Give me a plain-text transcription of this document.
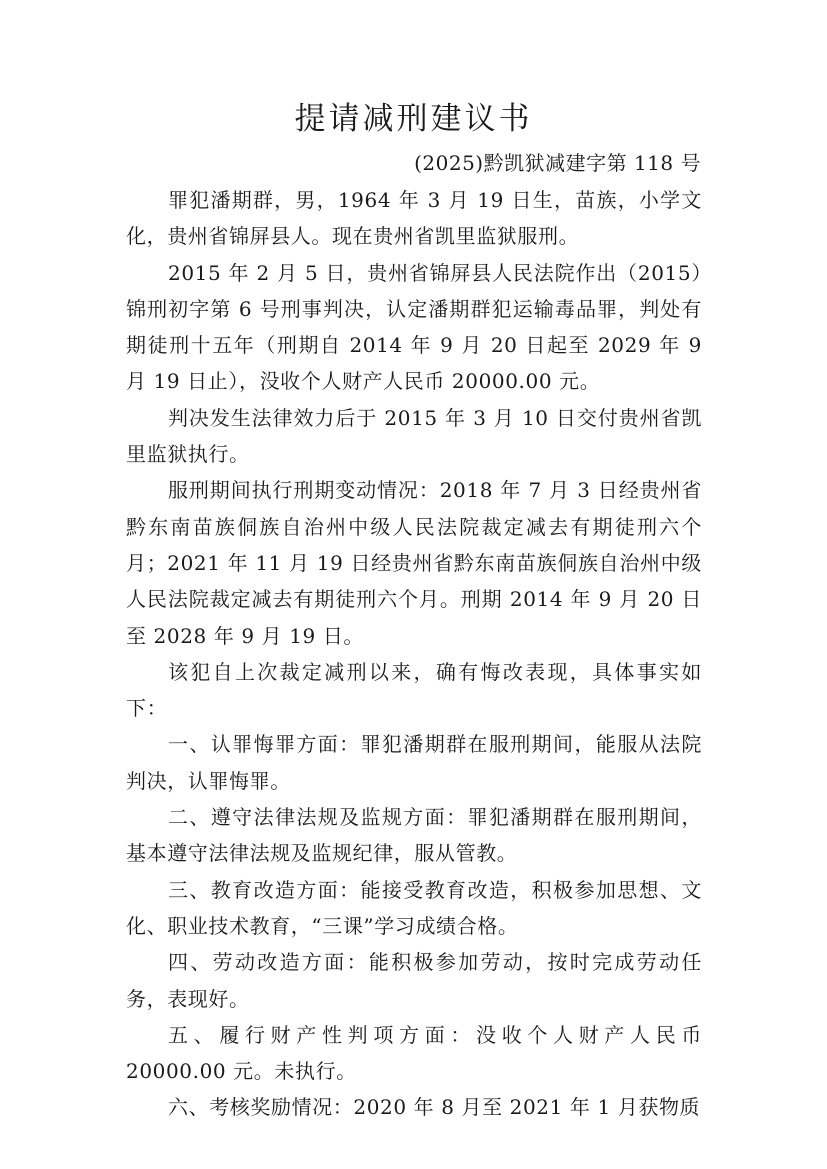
提请减刑建议书
(2025)黔凯狱减建字第 118 号

罪犯潘期群，男，1964 年 3 月 19 日生，苗族，小学文化，贵州省锦屏县人。现在贵州省凯里监狱服刑。

2015 年 2 月 5 日，贵州省锦屏县人民法院作出（2015）锦刑初字第 6 号刑事判决，认定潘期群犯运输毒品罪，判处有期徒刑十五年（刑期自 2014 年 9 月 20 日起至 2029 年 9 月 19 日止），没收个人财产人民币 20000.00 元。

判决发生法律效力后于 2015 年 3 月 10 日交付贵州省凯里监狱执行。

服刑期间执行刑期变动情况：2018 年 7 月 3 日经贵州省黔东南苗族侗族自治州中级人民法院裁定减去有期徒刑六个月；2021 年 11 月 19 日经贵州省黔东南苗族侗族自治州中级人民法院裁定减去有期徒刑六个月。刑期 2014 年 9 月 20 日至 2028 年 9 月 19 日。

该犯自上次裁定减刑以来，确有悔改表现，具体事实如下：

一、认罪悔罪方面：罪犯潘期群在服刑期间，能服从法院判决，认罪悔罪。

二、遵守法律法规及监规方面：罪犯潘期群在服刑期间，基本遵守法律法规及监规纪律，服从管教。

三、教育改造方面：能接受教育改造，积极参加思想、文化、职业技术教育，“三课”学习成绩合格。

四、劳动改造方面：能积极参加劳动，按时完成劳动任务，表现好。

五、履行财产性判项方面：没收个人财产人民币 20000.00 元。未执行。

六、考核奖励情况：2020 年 8 月至 2021 年 1 月获物质
